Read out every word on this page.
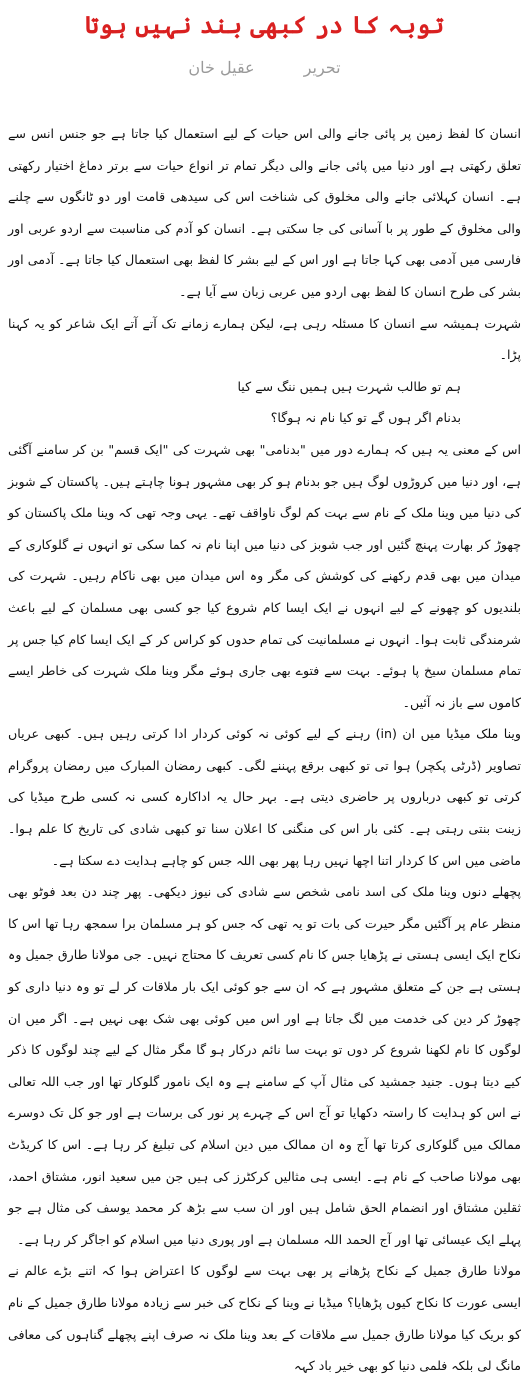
توبہ کا در کبھی بند نہیں ہوتا
تحریر عقیل خان

انسان کا لفظ زمین پر پائی جانے والی اس حیات کے لیے استعمال کیا جاتا ہے جو جنس انس سے تعلق رکھتی ہے اور دنیا میں پائی جانے والی دیگر تمام تر انواع حیات سے برتر دماغ اختیار رکھتی ہے۔ انسان کہلائی جانے والی مخلوق کی شناخت اس کی سیدھی قامت اور دو ٹانگوں سے چلنے والی مخلوق کے طور پر با آسانی کی جا سکتی ہے۔ انسان کو آدم کی مناسبت سے اردو عربی اور فارسی میں آدمی بھی کہا جاتا ہے اور اس کے لیے بشر کا لفظ بھی استعمال کیا جاتا ہے۔ آدمی اور بشر کی طرح انسان کا لفظ بھی اردو میں عربی زبان سے آیا ہے۔

شہرت ہمیشہ سے انسان کا مسئلہ رہی ہے، لیکن ہمارے زمانے تک آتے آتے ایک شاعر کو یہ کہنا پڑا۔

ہم تو طالب شہرت ہیں ہمیں ننگ سے کیا

بدنام اگر ہوں گے تو کیا نام نہ ہوگا؟

اس کے معنی یہ ہیں کہ ہمارے دور میں "بدنامی" بھی شہرت کی "ایک قسم" بن کر سامنے آگئی ہے، اور دنیا میں کروڑوں لوگ ہیں جو بدنام ہو کر بھی مشہور ہونا چاہتے ہیں۔ پاکستان کے شوبز کی دنیا میں وینا ملک کے نام سے بہت کم لوگ ناواقف تھے۔ یہی وجہ تھی کہ وینا ملک پاکستان کو چھوڑ کر بھارت پہنچ گئیں اور جب شوبز کی دنیا میں اپنا نام نہ کما سکی تو انہوں نے گلوکاری کے میدان میں بھی قدم رکھنے کی کوشش کی مگر وہ اس میدان میں بھی ناکام رہیں۔ شہرت کی بلندیوں کو چھونے کے لیے انہوں نے ایک ایسا کام شروع کیا جو کسی بھی مسلمان کے لیے باعث شرمندگی ثابت ہوا۔ انہوں نے مسلمانیت کی تمام حدوں کو کراس کر کے ایک ایسا کام کیا جس پر تمام مسلمان سیخ پا ہوئے۔ بہت سے فتوے بھی جاری ہوئے مگر وینا ملک شہرت کی خاطر ایسے کاموں سے باز نہ آئیں۔

وینا ملک میڈیا میں ان (in) رہنے کے لیے کوئی نہ کوئی کردار ادا کرتی رہیں ہیں۔ کبھی عریاں تصاویر (ڈرٹی پکچر) ہوا تی تو کبھی برقع پہننے لگی۔ کبھی رمضان المبارک میں رمضان پروگرام کرتی تو کبھی درباروں پر حاضری دیتی ہے۔ بہر حال یہ اداکارہ کسی نہ کسی طرح میڈیا کی زینت بنتی رہتی ہے۔ کئی بار اس کی منگنی کا اعلان سنا تو کبھی شادی کی تاریخ کا علم ہوا۔ ماضی میں اس کا کردار اتنا اچھا نہیں رہا پھر بھی اللہ جس کو چاہے ہدایت دے سکتا ہے۔

پچھلے دنوں وینا ملک کی اسد نامی شخص سے شادی کی نیوز دیکھی۔ پھر چند دن بعد فوٹو بھی منظر عام پر آگئیں مگر حیرت کی بات تو یہ تھی کہ جس کو ہر مسلمان برا سمجھ رہا تھا اس کا نکاح ایک ایسی ہستی نے پڑھایا جس کا نام کسی تعریف کا محتاج نہیں۔ جی مولانا طارق جمیل وہ ہستی ہے جن کے متعلق مشہور ہے کہ ان سے جو کوئی ایک بار ملاقات کر لے تو وہ دنیا داری کو چھوڑ کر دین کی خدمت میں لگ جاتا ہے اور اس میں کوئی بھی شک بھی نہیں ہے۔ اگر میں ان لوگوں کا نام لکھنا شروع کر دوں تو بہت سا نائم درکار ہو گا مگر مثال کے لیے چند لوگوں کا ذکر کیے دیتا ہوں۔ جنید جمشید کی مثال آپ کے سامنے ہے وہ ایک نامور گلوکار تھا اور جب اللہ تعالی نے اس کو ہدایت کا راستہ دکھایا تو آج اس کے چہرے پر نور کی برسات ہے اور جو کل تک دوسرے ممالک میں گلوکاری کرتا تھا آج وہ ان ممالک میں دین اسلام کی تبلیغ کر رہا ہے۔ اس کا کریڈٹ بھی مولانا صاحب کے نام ہے۔ ایسی ہی مثالیں کرکٹرز کی ہیں جن میں سعید انور، مشتاق احمد، ثقلین مشتاق اور انضمام الحق شامل ہیں اور ان سب سے بڑھ کر محمد یوسف کی مثال ہے جو پہلے ایک عیسائی تھا اور آج الحمد اللہ مسلمان ہے اور پوری دنیا میں اسلام کو اجاگر کر رہا ہے۔

مولانا طارق جمیل کے نکاح پڑھانے پر بھی بہت سے لوگوں کا اعتراض ہوا کہ اتنے بڑے عالم نے ایسی عورت کا نکاح کیوں پڑھایا؟ میڈیا نے وینا کے نکاح کی خبر سے زیادہ مولانا طارق جمیل کے نام کو بریک کیا مولانا طارق جمیل سے ملاقات کے بعد وینا ملک نہ صرف اپنے پچھلے گناہوں کی معافی مانگ لی بلکہ فلمی دنیا کو بھی خیر باد کہہ
